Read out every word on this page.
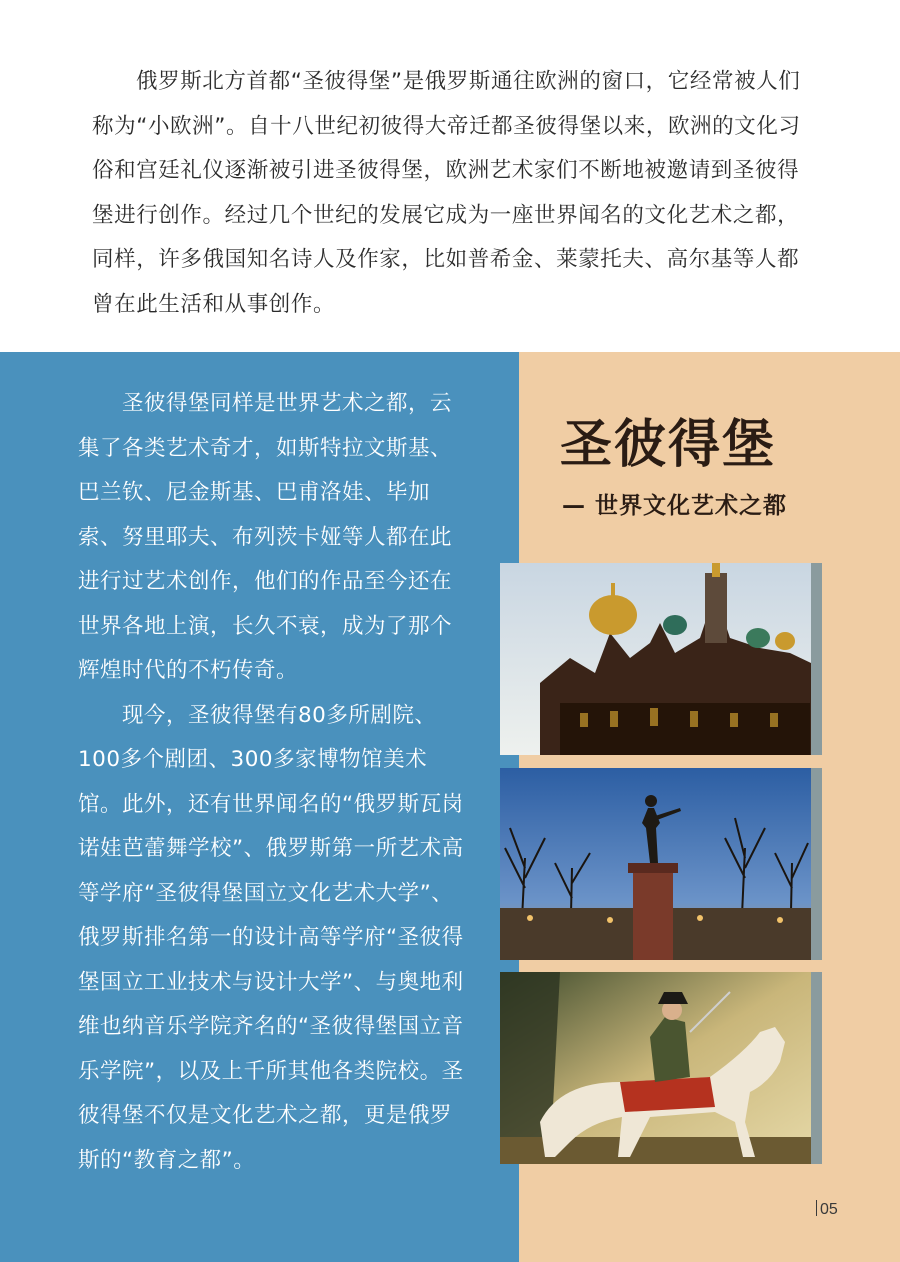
俄罗斯北方首都“圣彼得堡”是俄罗斯通往欧洲的窗口，它经常被人们称为“小欧洲”。自十八世纪初彼得大帝迁都圣彼得堡以来，欧洲的文化习俗和宫廷礼仪逐渐被引进圣彼得堡，欧洲艺术家们不断地被邀请到圣彼得堡进行创作。经过几个世纪的发展它成为一座世界闻名的文化艺术之都，同样，许多俄国知名诗人及作家，比如普希金、莱蒙托夫、高尔基等人都曾在此生活和从事创作。

圣彼得堡同样是世界艺术之都，云集了各类艺术奇才，如斯特拉文斯基、巴兰钦、尼金斯基、巴甫洛娃、毕加索、努里耶夫、布列茨卡娅等人都在此进行过艺术创作，他们的作品至今还在世界各地上演，长久不衰，成为了那个辉煌时代的不朽传奇。

现今，圣彼得堡有80多所剧院、100多个剧团、300多家博物馆美术馆。此外，还有世界闻名的“俄罗斯瓦岗诺娃芭蕾舞学校”、俄罗斯第一所艺术高等学府“圣彼得堡国立文化艺术大学”、俄罗斯排名第一的设计高等学府“圣彼得堡国立工业技术与设计大学”、与奥地利维也纳音乐学院齐名的“圣彼得堡国立音乐学院”，以及上千所其他各类院校。圣彼得堡不仅是文化艺术之都，更是俄罗斯的“教育之都”。

圣彼得堡
— 世界文化艺术之都
05
